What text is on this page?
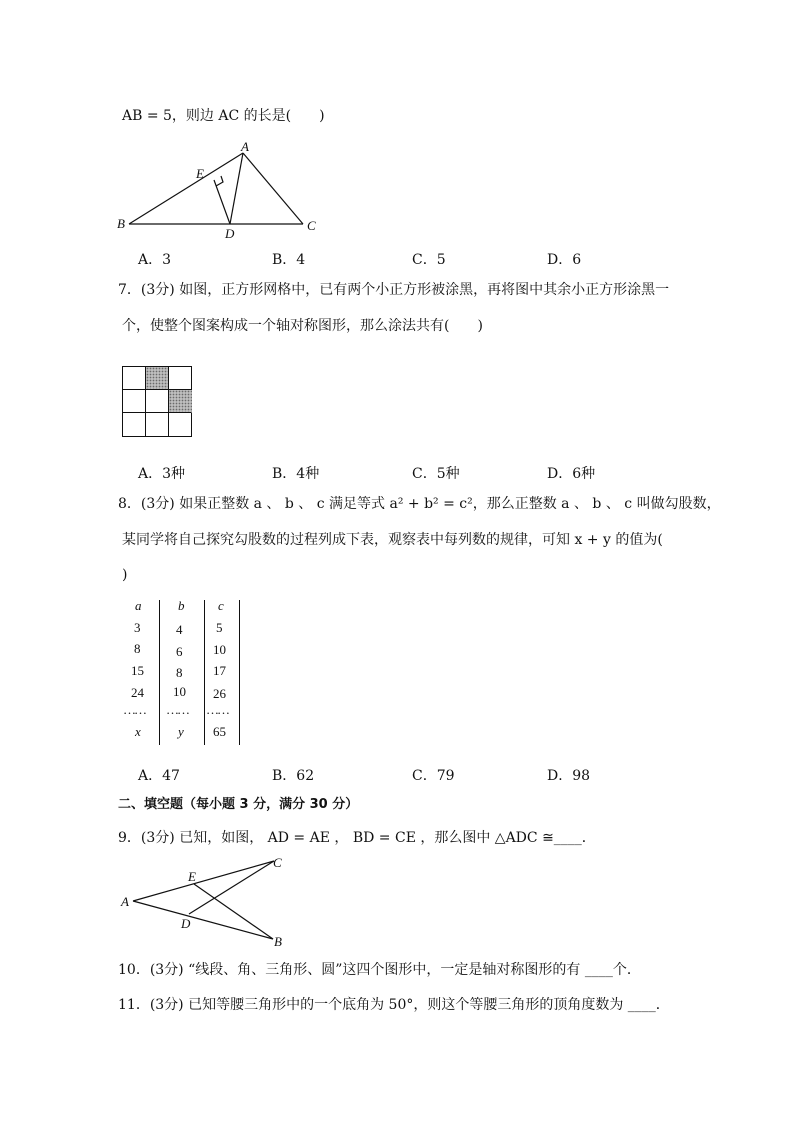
AB = 5，则边 AC 的长是(　　)
A
B	C
D
E
A．3	B．4	C．5	D．6
7．(3分) 如图，正方形网格中，已有两个小正方形被涂黑，再将图中其余小正方形涂黑一
个，使整个图案构成一个轴对称图形，那么涂法共有(　　)
A．3种	B．4种	C．5种	D．6种
8．(3分) 如果正整数 a 、 b 、 c 满足等式 a² + b² = c²，那么正整数 a 、 b 、 c 叫做勾股数，
某同学将自己探究勾股数的过程列成下表，观察表中每列数的规律，可知 x + y 的值为(
)
a	b	c
3	4	5
8	6 10
15 8 17
24 10 26
…… …… ……
x	y 65
A．47	B．62	C．79	D．98
二、填空题（每小题 3 分，满分 30 分）
9．(3分) 已知，如图， AD = AE ， BD = CE ，那么图中 △ADC ≅____．
A
B
C
D
E
10．(3分) “线段、角、三角形、圆”这四个图形中，一定是轴对称图形的有 ____个．
11．(3分) 已知等腰三角形中的一个底角为 50°，则这个等腰三角形的顶角度数为 ____．
